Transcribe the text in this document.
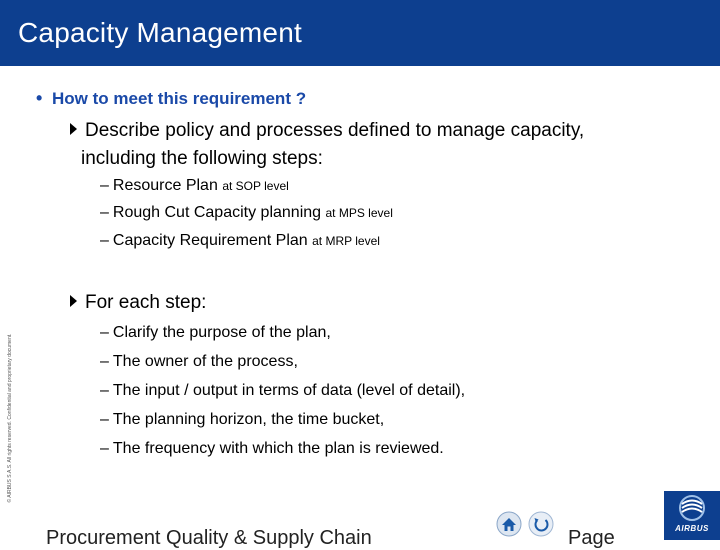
Capacity Management
• How to meet this requirement ?
Describe policy and processes defined to manage capacity,
including the following steps:
– Resource Plan at SOP level
– Rough Cut Capacity planning at MPS level
– Capacity Requirement Plan at MRP level
For each step:
– Clarify the purpose of the plan,
– The owner of the process,
– The input / output in terms of data (level of detail),
– The planning horizon, the time bucket,
– The frequency with which the plan is reviewed.
© AIRBUS S.A.S. All rights reserved. Confidential and proprietary document.
Procurement Quality & Supply Chain	Page	AIRBUS
